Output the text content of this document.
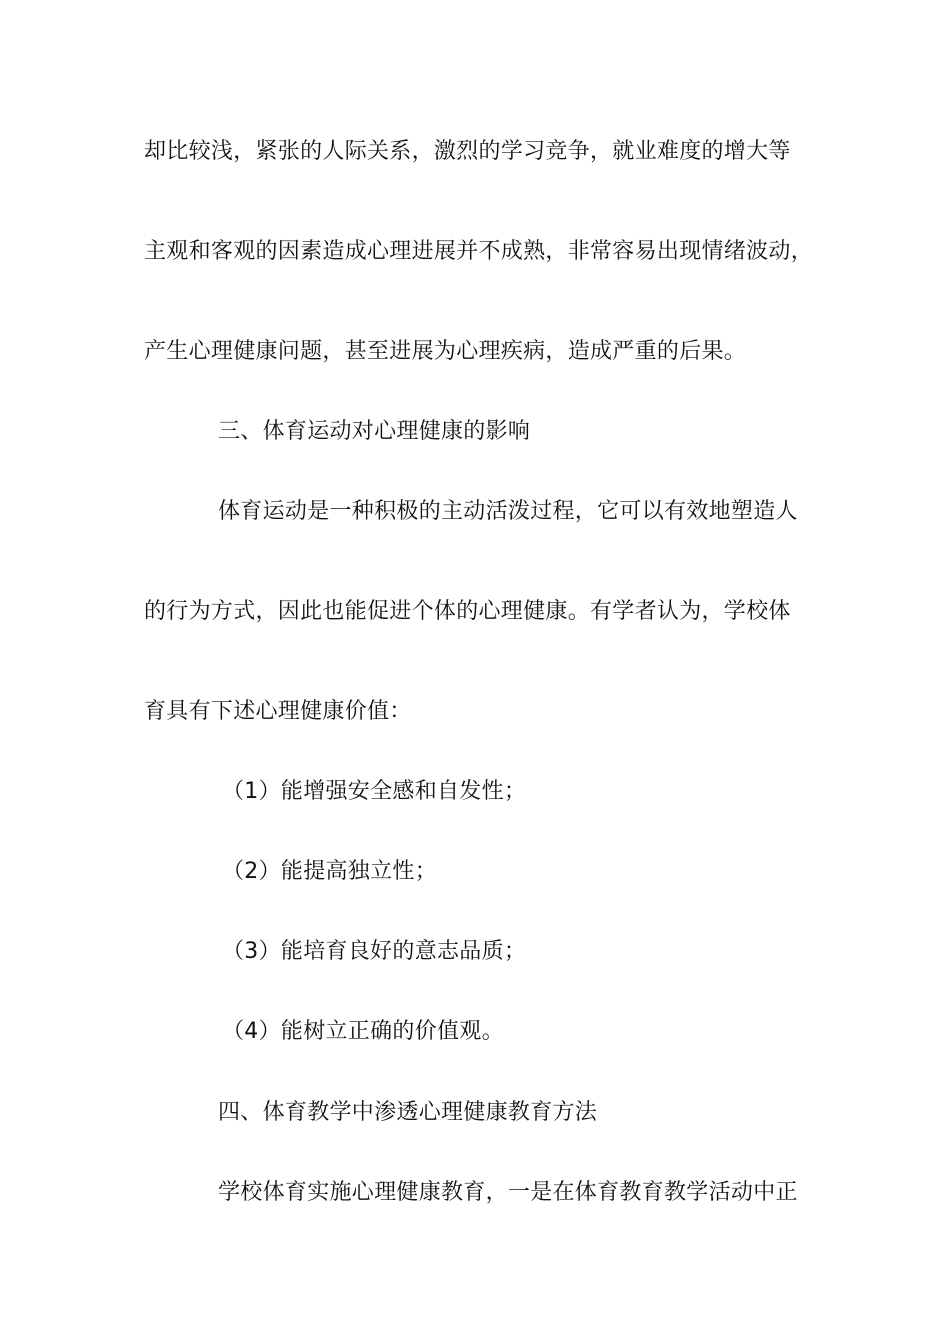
却比较浅，紧张的人际关系，激烈的学习竞争，就业难度的增大等
主观和客观的因素造成心理进展并不成熟，非常容易出现情绪波动，
产生心理健康问题，甚至进展为心理疾病，造成严重的后果。
三、体育运动对心理健康的影响
体育运动是一种积极的主动活泼过程，它可以有效地塑造人
的行为方式，因此也能促进个体的心理健康。有学者认为，学校体
育具有下述心理健康价值：
（1）能增强安全感和自发性；
（2）能提高独立性；
（3）能培育良好的意志品质；
（4）能树立正确的价值观。
四、体育教学中渗透心理健康教育方法
学校体育实施心理健康教育，一是在体育教育教学活动中正
